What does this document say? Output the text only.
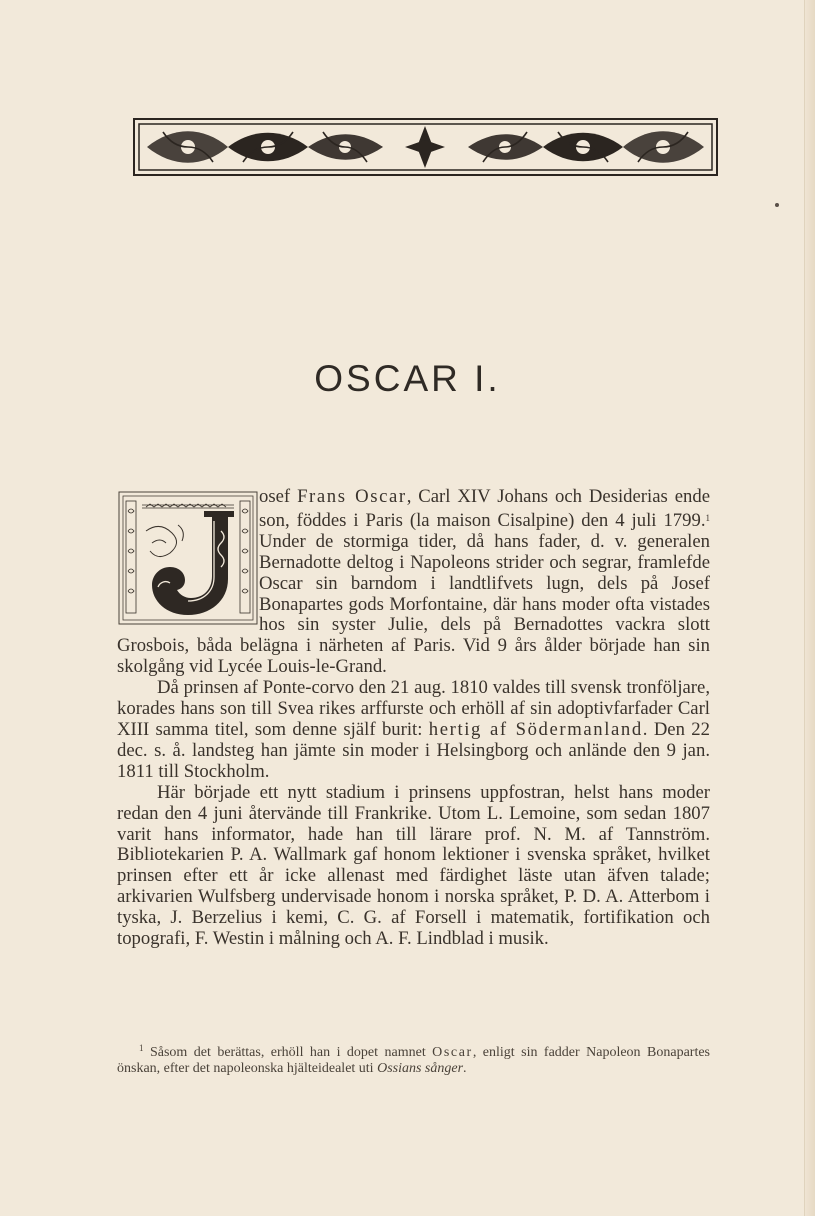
OSCAR I.

osef Frans Oscar, Carl XIV Johans och Desiderias ende son, föddes i Paris (la maison Cisalpine) den 4 juli 1799.$^1$ Under de stormiga tider, då hans fader, d. v. generalen Bernadotte deltog i Napoleons strider och segrar, framlefde Oscar sin barndom i landtlifvets lugn, dels på Josef Bonapartes gods Morfontaine, där hans moder ofta vistades hos sin syster Julie, dels på Bernadottes vackra slott Grosbois, båda belägna i närheten af Paris. Vid 9 års ålder började han sin skolgång vid Lycée Louis-le-Grand.

Då prinsen af Ponte-corvo den 21 aug. 1810 valdes till svensk tronföljare, korades hans son till Svea rikes arffurste och erhöll af sin adoptivfarfader Carl XIII samma titel, som denne själf burit: hertig af Södermanland. Den 22 dec. s. å. landsteg han jämte sin moder i Helsingborg och anlände den 9 jan. 1811 till Stockholm.

Här började ett nytt stadium i prinsens uppfostran, helst hans moder redan den 4 juni återvände till Frankrike. Utom L. Lemoine, som sedan 1807 varit hans informator, hade han till lärare prof. N. M. af Tannström. Bibliotekarien P. A. Wallmark gaf honom lektioner i svenska språket, hvilket prinsen efter ett år icke allenast med färdighet läste utan äfven talade; arkivarien Wulfsberg undervisade honom i norska språket, P. D. A. Atterbom i tyska, J. Berzelius i kemi, C. G. af Forsell i matematik, fortifikation och topografi, F. Westin i målning och A. F. Lindblad i musik.

$^1$ Såsom det berättas, erhöll han i dopet namnet Oscar, enligt sin fadder Napoleon Bonapartes önskan, efter det napoleonska hjälteidealet uti Ossians sånger.
